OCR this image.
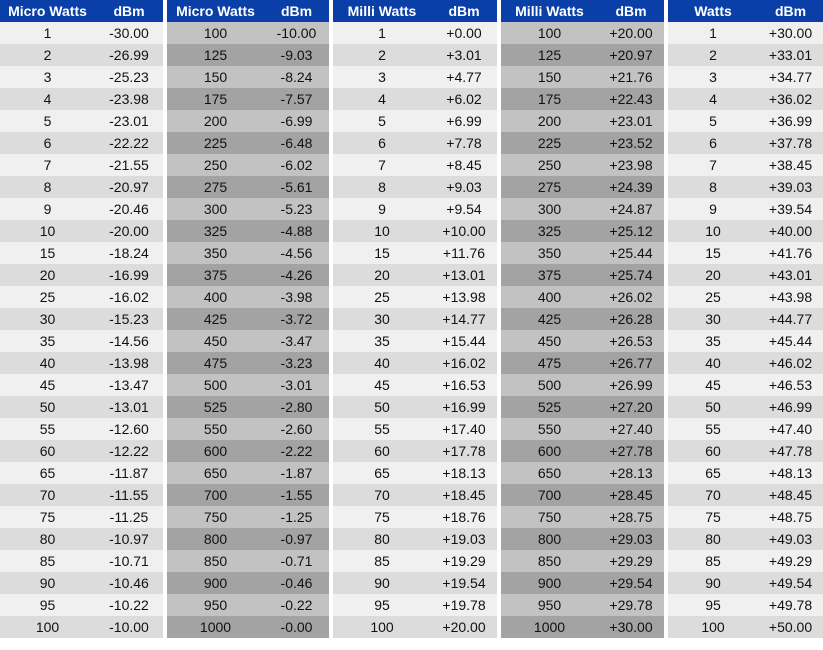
Micro Watts	dBm		Micro Watts	dBm		Milli Watts	dBm		Milli Watts	dBm		Watts	dBm
1	-30.00		100	-10.00		1	+0.00		100	+20.00		1	+30.00
2	-26.99		125	-9.03		2	+3.01		125	+20.97		2	+33.01
3	-25.23		150	-8.24		3	+4.77		150	+21.76		3	+34.77
4	-23.98		175	-7.57		4	+6.02		175	+22.43		4	+36.02
5	-23.01		200	-6.99		5	+6.99		200	+23.01		5	+36.99
6	-22.22		225	-6.48		6	+7.78		225	+23.52		6	+37.78
7	-21.55		250	-6.02		7	+8.45		250	+23.98		7	+38.45
8	-20.97		275	-5.61		8	+9.03		275	+24.39		8	+39.03
9	-20.46		300	-5.23		9	+9.54		300	+24.87		9	+39.54
10	-20.00		325	-4.88		10	+10.00		325	+25.12		10	+40.00
15	-18.24		350	-4.56		15	+11.76		350	+25.44		15	+41.76
20	-16.99		375	-4.26		20	+13.01		375	+25.74		20	+43.01
25	-16.02		400	-3.98		25	+13.98		400	+26.02		25	+43.98
30	-15.23		425	-3.72		30	+14.77		425	+26.28		30	+44.77
35	-14.56		450	-3.47		35	+15.44		450	+26.53		35	+45.44
40	-13.98		475	-3.23		40	+16.02		475	+26.77		40	+46.02
45	-13.47		500	-3.01		45	+16.53		500	+26.99		45	+46.53
50	-13.01		525	-2.80		50	+16.99		525	+27.20		50	+46.99
55	-12.60		550	-2.60		55	+17.40		550	+27.40		55	+47.40
60	-12.22		600	-2.22		60	+17.78		600	+27.78		60	+47.78
65	-11.87		650	-1.87		65	+18.13		650	+28.13		65	+48.13
70	-11.55		700	-1.55		70	+18.45		700	+28.45		70	+48.45
75	-11.25		750	-1.25		75	+18.76		750	+28.75		75	+48.75
80	-10.97		800	-0.97		80	+19.03		800	+29.03		80	+49.03
85	-10.71		850	-0.71		85	+19.29		850	+29.29		85	+49.29
90	-10.46		900	-0.46		90	+19.54		900	+29.54		90	+49.54
95	-10.22		950	-0.22		95	+19.78		950	+29.78		95	+49.78
100	-10.00		1000	-0.00		100	+20.00		1000	+30.00		100	+50.00
